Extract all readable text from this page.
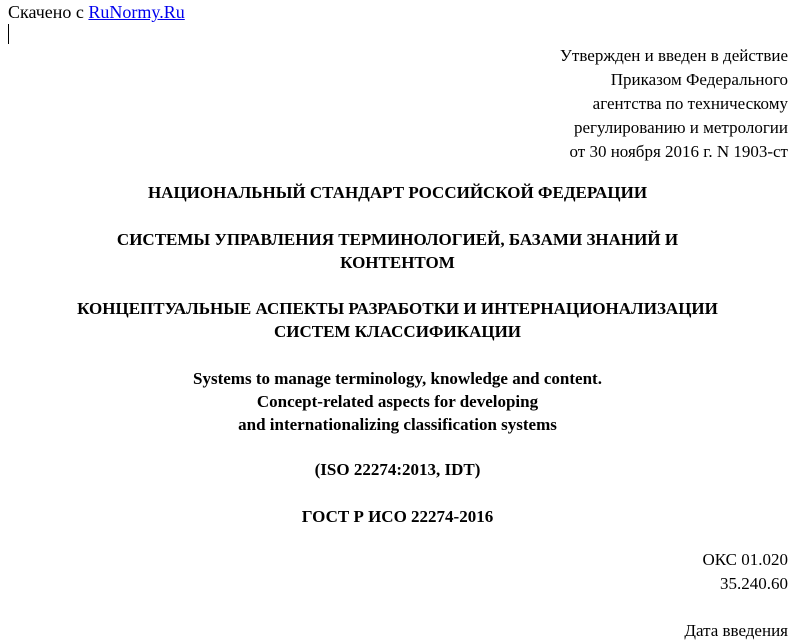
Скачено с RuNormy.Ru
Утвержден и введен в действие
Приказом Федерального
агентства по техническому
регулированию и метрологии
от 30 ноября 2016 г. N 1903-ст
НАЦИОНАЛЬНЫЙ СТАНДАРТ РОССИЙСКОЙ ФЕДЕРАЦИИ
СИСТЕМЫ УПРАВЛЕНИЯ ТЕРМИНОЛОГИЕЙ, БАЗАМИ ЗНАНИЙ И
КОНТЕНТОМ
КОНЦЕПТУАЛЬНЫЕ АСПЕКТЫ РАЗРАБОТКИ И ИНТЕРНАЦИОНАЛИЗАЦИИ
СИСТЕМ КЛАССИФИКАЦИИ
Systems to manage terminology, knowledge and content.
Concept-related aspects for developing
and internationalizing classification systems
(ISO 22274:2013, IDT)
ГОСТ Р ИСО 22274-2016
ОКС 01.020
35.240.60
Дата введения
